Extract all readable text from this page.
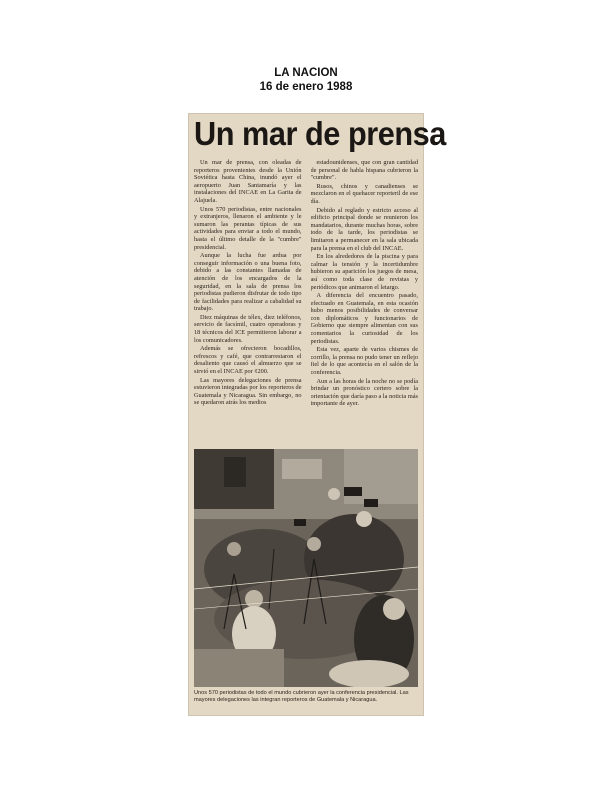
LA NACION
16 de enero 1988
Un mar de prensa

Un mar de prensa, con oleadas de reporteros provenientes desde la Unión Soviética hasta China, inundó ayer el aeropuerto Juan Santamaría y las instalaciones del INCAE en La Garita de Alajuela.

Unos 570 periodistas, entre nacionales y extranjeros, llenaron el ambiente y le sumaron las perantas típicas de sus actividades para enviar a todo el mundo, hasta el último detalle de la "cumbre" presidencial.

Aunque la lucha fue ardua por conseguir información o una buena foto, debido a las constantes llamadas de atención de los encargados de la seguridad, en la sala de prensa los periodistas pudieron disfrutar de todo tipo de facilidades para realizar a cabalidad su trabajo.

Diez máquinas de télex, diez teléfonos, servicio de facsímil, cuatro operadoras y 18 técnicos del ICE permitieron laborar a los comunicadores.

Además se ofrecieron bocadillos, refrescos y café, que contrarrestaron el desaliento que causó el almuerzo que se sirvió en el INCAE por ¢200.

Las mayores delegaciones de prensa estuvieron integradas por los reporteros de Guatemala y Nicaragua. Sin embargo, no se quedaron atrás los medios

estadounidenses, que con gran cantidad de personal de habla hispana cubrieron la "cumbre".

Rusos, chinos y canadienses se mezclaron en el quehacer reporteril de ese día.

Debido al reglado y estricto acceso al edificio principal donde se reunieron los mandatarios, durante muchas horas, sobre todo de la tarde, los periodistas se limitaron a permanecer en la sala ubicada para la prensa en el club del INCAE.

En los alrededores de la piscina y para calmar la tensión y la incertidumbre hubieron su aparición los juegos de mesa, así como toda clase de revistas y periódicos que animaron el letargo.

A diferencia del encuentro pasado, efectuado en Guatemala, en esta ocasión hubo menos posibilidades de conversar con diplomáticos y funcionarios de Gobierno que siempre alimentan con sus comentarios la curiosidad de los periodistas.

Esta vez, aparte de varios chismes de corrillo, la prensa no pudo tener un reflejo fiel de lo que acontecía en el salón de la conferencia.

Aun a las horas de la noche no se podía brindar un pronóstico certero sobre la orientación que daría paso a la noticia más importante de ayer.

Unos 570 periodistas de todo el mundo cubrieron ayer la conferencia presidencial. Las mayores delegaciones las integran reporteros de Guatemala y Nicaragua.
